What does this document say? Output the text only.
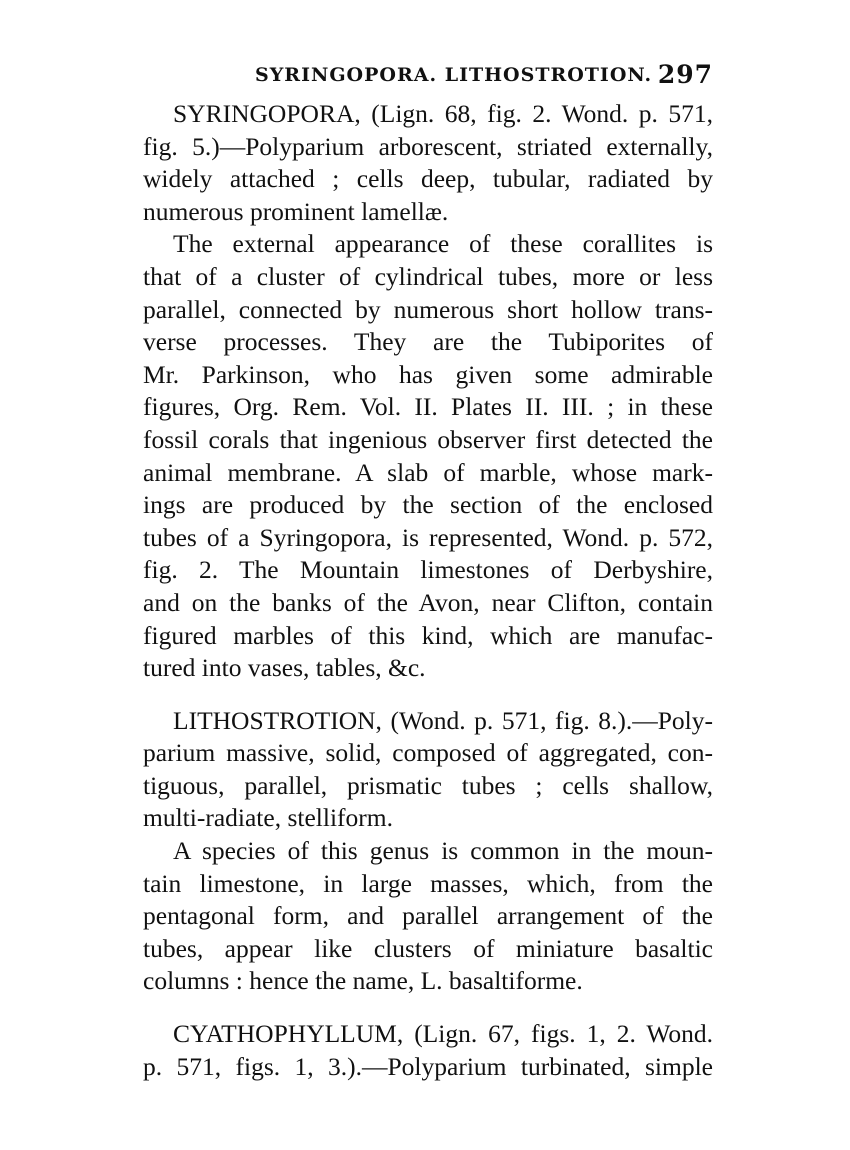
SYRINGOPORA. LITHOSTROTION. 297
SYRINGOPORA, (Lign. 68, fig. 2. Wond. p. 571,
fig. 5.)—Polyparium arborescent, striated externally,
widely attached ; cells deep, tubular, radiated by
numerous prominent lamellæ.
The external appearance of these corallites is
that of a cluster of cylindrical tubes, more or less
parallel, connected by numerous short hollow trans-
verse processes. They are the Tubiporites of
Mr. Parkinson, who has given some admirable
figures, Org. Rem. Vol. II. Plates II. III. ; in these
fossil corals that ingenious observer first detected the
animal membrane. A slab of marble, whose mark-
ings are produced by the section of the enclosed
tubes of a Syringopora, is represented, Wond. p. 572,
fig. 2. The Mountain limestones of Derbyshire,
and on the banks of the Avon, near Clifton, contain
figured marbles of this kind, which are manufac-
tured into vases, tables, &c.
LITHOSTROTION, (Wond. p. 571, fig. 8.).—Poly-
parium massive, solid, composed of aggregated, con-
tiguous, parallel, prismatic tubes ; cells shallow,
multi-radiate, stelliform.
A species of this genus is common in the moun-
tain limestone, in large masses, which, from the
pentagonal form, and parallel arrangement of the
tubes, appear like clusters of miniature basaltic
columns : hence the name, L. basaltiforme.
CYATHOPHYLLUM, (Lign. 67, figs. 1, 2. Wond.
p. 571, figs. 1, 3.).—Polyparium turbinated, simple
